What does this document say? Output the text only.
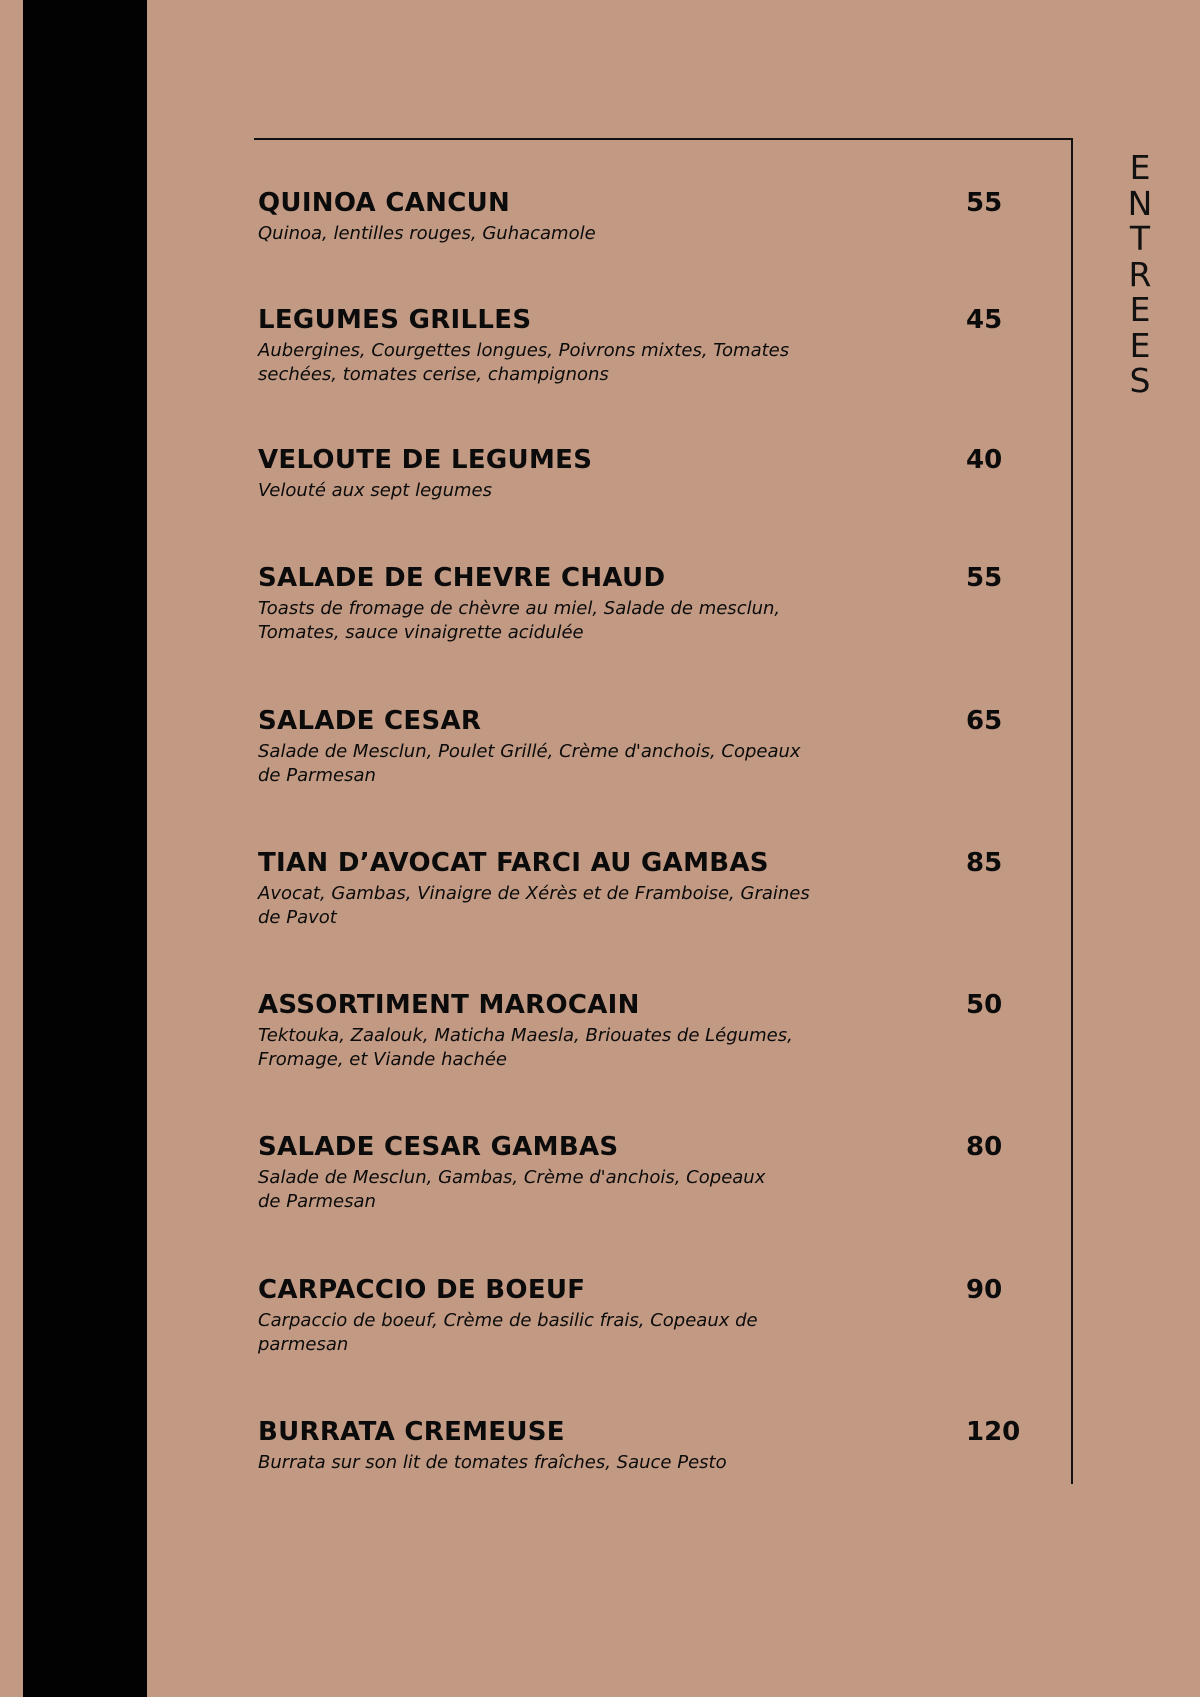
E
N
T
R
E
E
S
QUINOA CANCUN	55
Quinoa, lentilles rouges, Guhacamole
LEGUMES GRILLES	45
Aubergines, Courgettes longues, Poivrons mixtes, Tomates
sechées, tomates cerise, champignons
VELOUTE DE LEGUMES	40
Velouté aux sept legumes
SALADE DE CHEVRE CHAUD	55
Toasts de fromage de chèvre au miel, Salade de mesclun,
Tomates, sauce vinaigrette acidulée
SALADE CESAR	65
Salade de Mesclun, Poulet Grillé, Crème d'anchois, Copeaux
de Parmesan
TIAN D’AVOCAT FARCI AU GAMBAS	85
Avocat, Gambas, Vinaigre de Xérès et de Framboise, Graines
de Pavot
ASSORTIMENT MAROCAIN	50
Tektouka, Zaalouk, Maticha Maesla, Briouates de Légumes,
Fromage, et Viande hachée
SALADE CESAR GAMBAS	80
Salade de Mesclun, Gambas, Crème d'anchois, Copeaux
de Parmesan
CARPACCIO DE BOEUF	90
Carpaccio de boeuf, Crème de basilic frais, Copeaux de
parmesan
BURRATA CREMEUSE	120
Burrata sur son lit de tomates fraîches, Sauce Pesto
